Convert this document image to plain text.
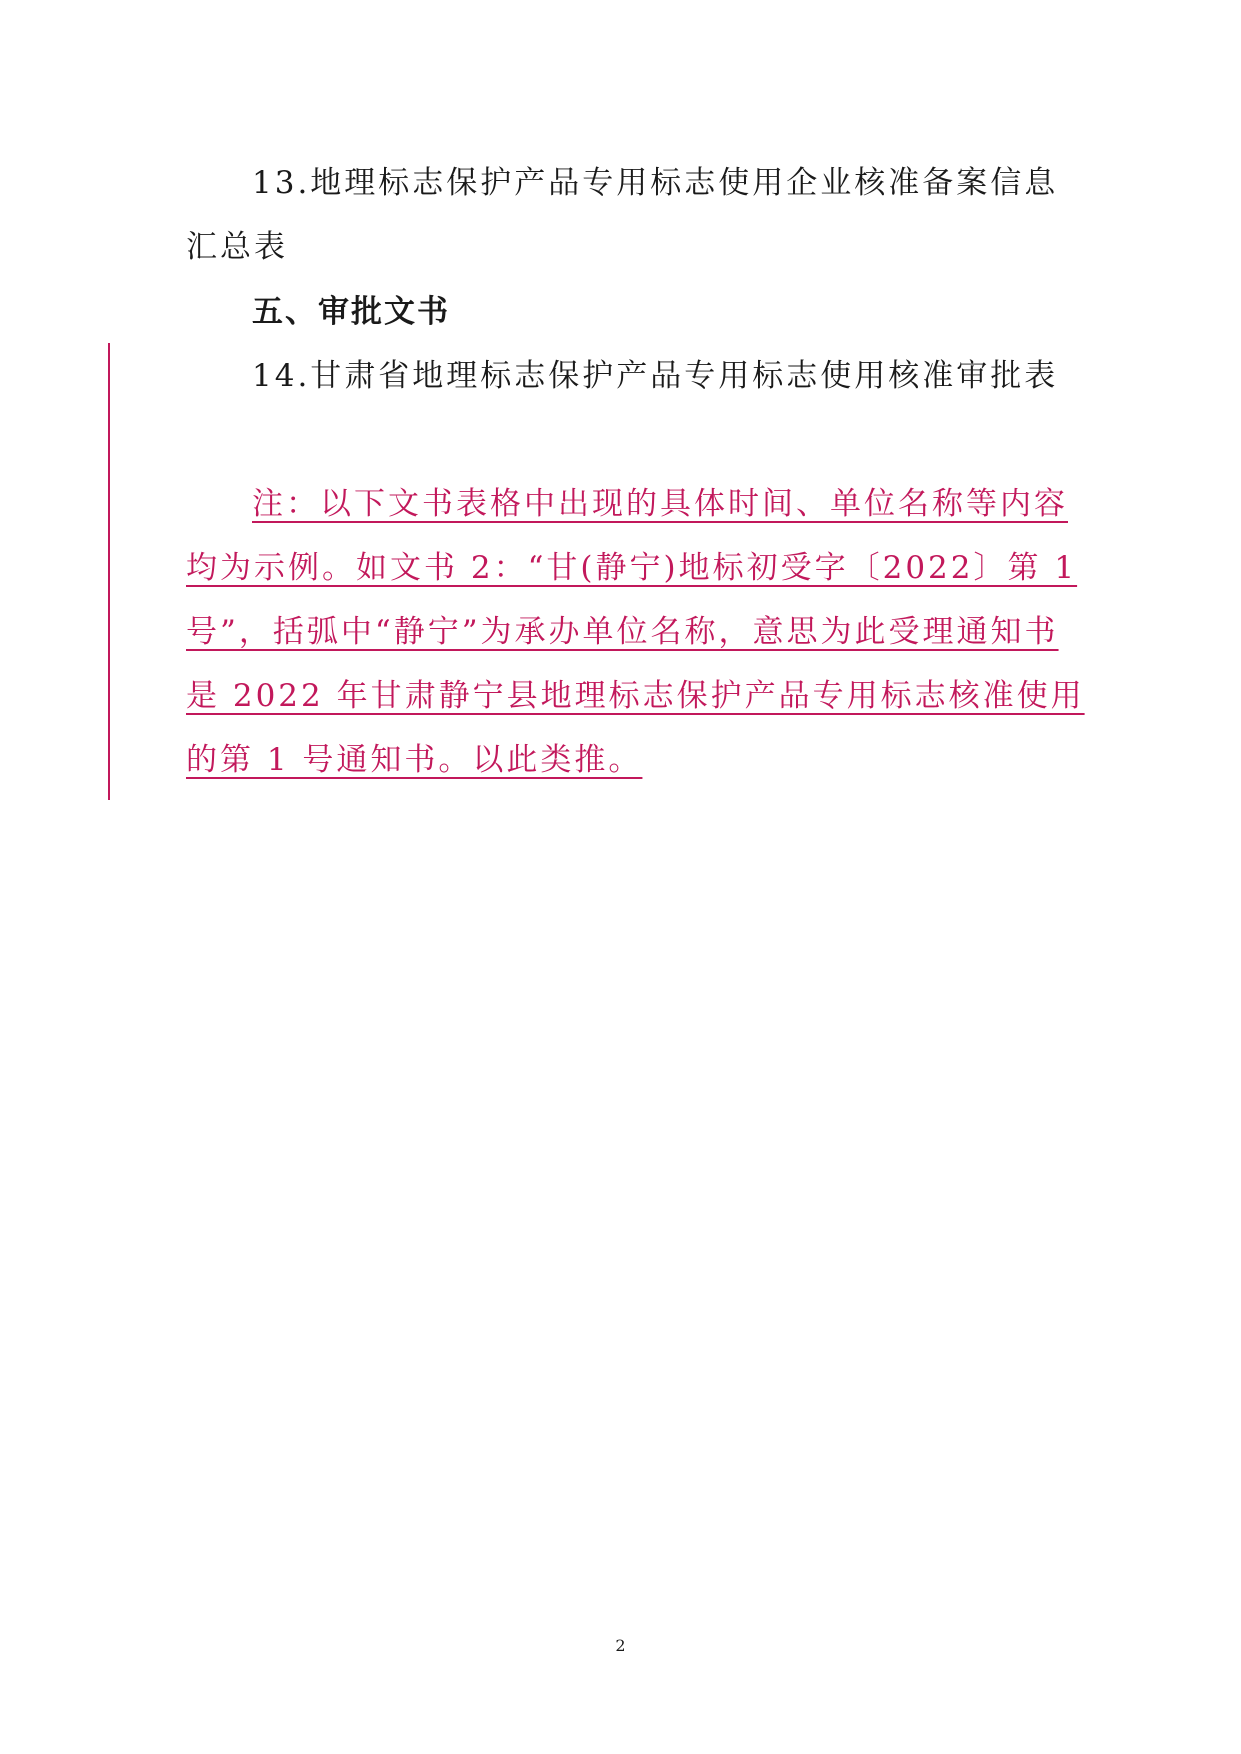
13.地理标志保护产品专用标志使用企业核准备案信息
汇总表
五、审批文书
14.甘肃省地理标志保护产品专用标志使用核准审批表
注：以下文书表格中出现的具体时间、单位名称等内容
均为示例。如文书 2：“甘(静宁)地标初受字〔2022〕第 1
号”，括弧中“静宁”为承办单位名称，意思为此受理通知书
是 2022 年甘肃静宁县地理标志保护产品专用标志核准使用
的第 1 号通知书。以此类推。
2
